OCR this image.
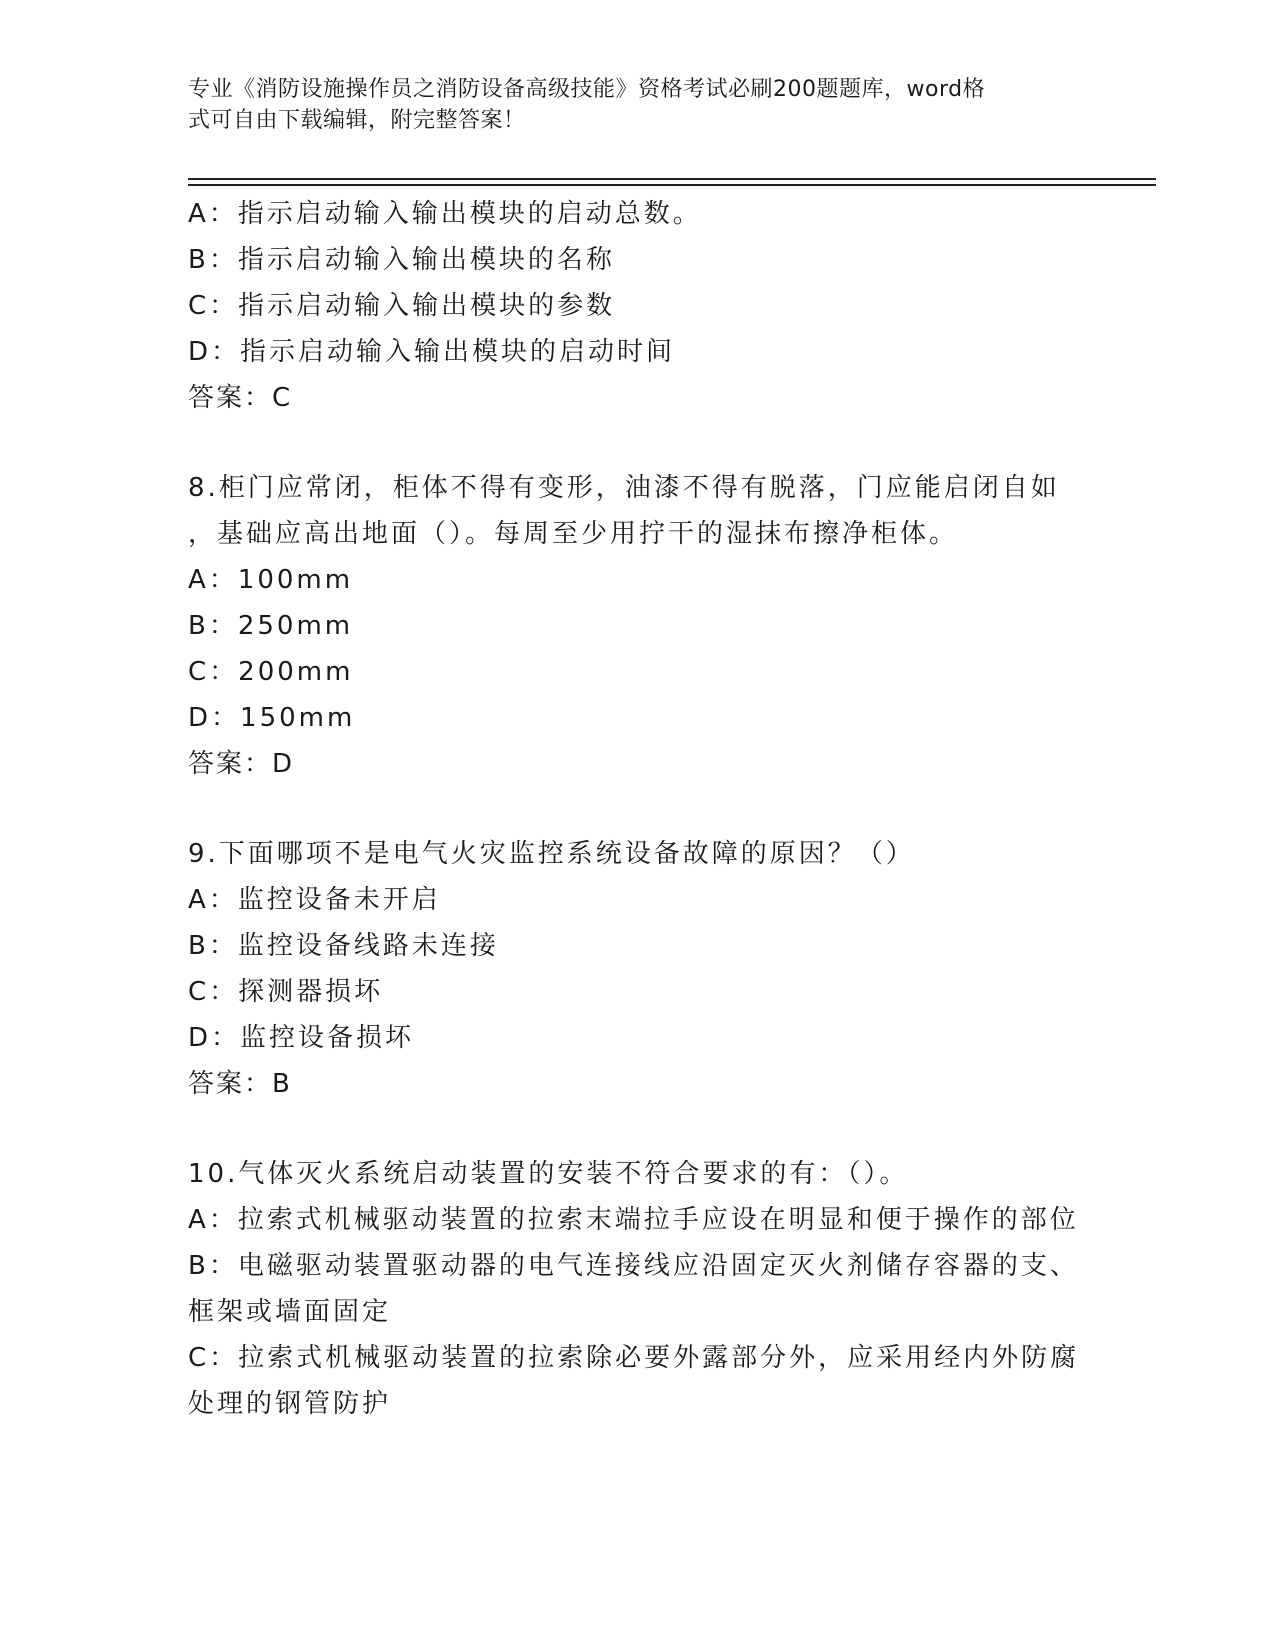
专业《消防设施操作员之消防设备高级技能》资格考试必刷200题题库，word格
式可自由下载编辑，附完整答案！
A：指示启动输入输出模块的启动总数。
B：指示启动输入输出模块的名称
C：指示启动输入输出模块的参数
D：指示启动输入输出模块的启动时间
答案：C
8.柜门应常闭，柜体不得有变形，油漆不得有脱落，门应能启闭自如
，基础应高出地面（）。每周至少用拧干的湿抹布擦净柜体。
A：100mm
B：250mm
C：200mm
D：150mm
答案：D
9.下面哪项不是电气火灾监控系统设备故障的原因？（）
A：监控设备未开启
B：监控设备线路未连接
C：探测器损坏
D：监控设备损坏
答案：B
10.气体灭火系统启动装置的安装不符合要求的有：（）。
A：拉索式机械驱动装置的拉索末端拉手应设在明显和便于操作的部位
B：电磁驱动装置驱动器的电气连接线应沿固定灭火剂储存容器的支、
框架或墙面固定
C：拉索式机械驱动装置的拉索除必要外露部分外，应采用经内外防腐
处理的钢管防护
